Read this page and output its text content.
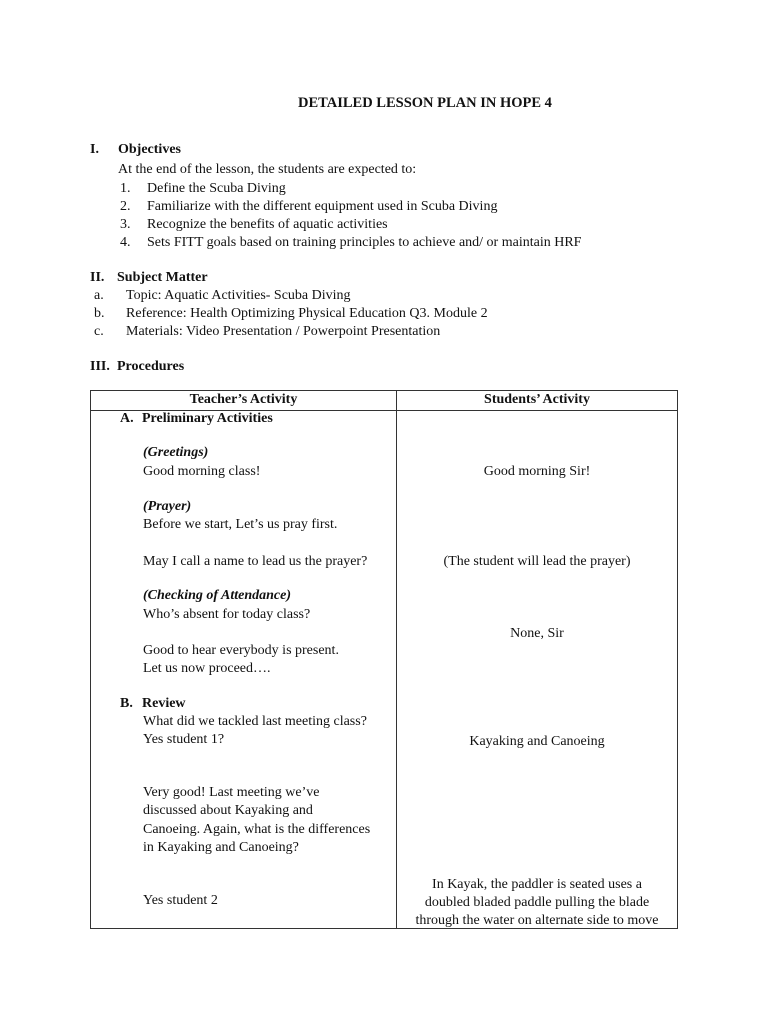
DETAILED LESSON PLAN IN HOPE 4
I. Objectives
At the end of the lesson, the students are expected to:
1. Define the Scuba Diving
2. Familiarize with the different equipment used in Scuba Diving
3. Recognize the benefits of aquatic activities
4. Sets FITT goals based on training principles to achieve and/ or maintain HRF
II. Subject Matter
a. Topic: Aquatic Activities- Scuba Diving
b. Reference: Health Optimizing Physical Education Q3. Module 2
c. Materials: Video Presentation / Powerpoint Presentation
III. Procedures
Teacher’s Activity	Students’ Activity
A. Preliminary Activities
(Greetings)
Good morning class!
(Prayer)
Before we start, Let’s us pray first.
May I call a name to lead us the prayer?
(Checking of Attendance)
Who’s absent for today class?
Good to hear everybody is present.
Let us now proceed….
B. Review
What did we tackled last meeting class?
Yes student 1?
Very good! Last meeting we’ve
discussed about Kayaking and
Canoeing. Again, what is the differences
in Kayaking and Canoeing?
Yes student 2
Good morning Sir!
(The student will lead the prayer)
None, Sir
Kayaking and Canoeing
In Kayak, the paddler is seated uses a
doubled bladed paddle pulling the blade
through the water on alternate side to move
